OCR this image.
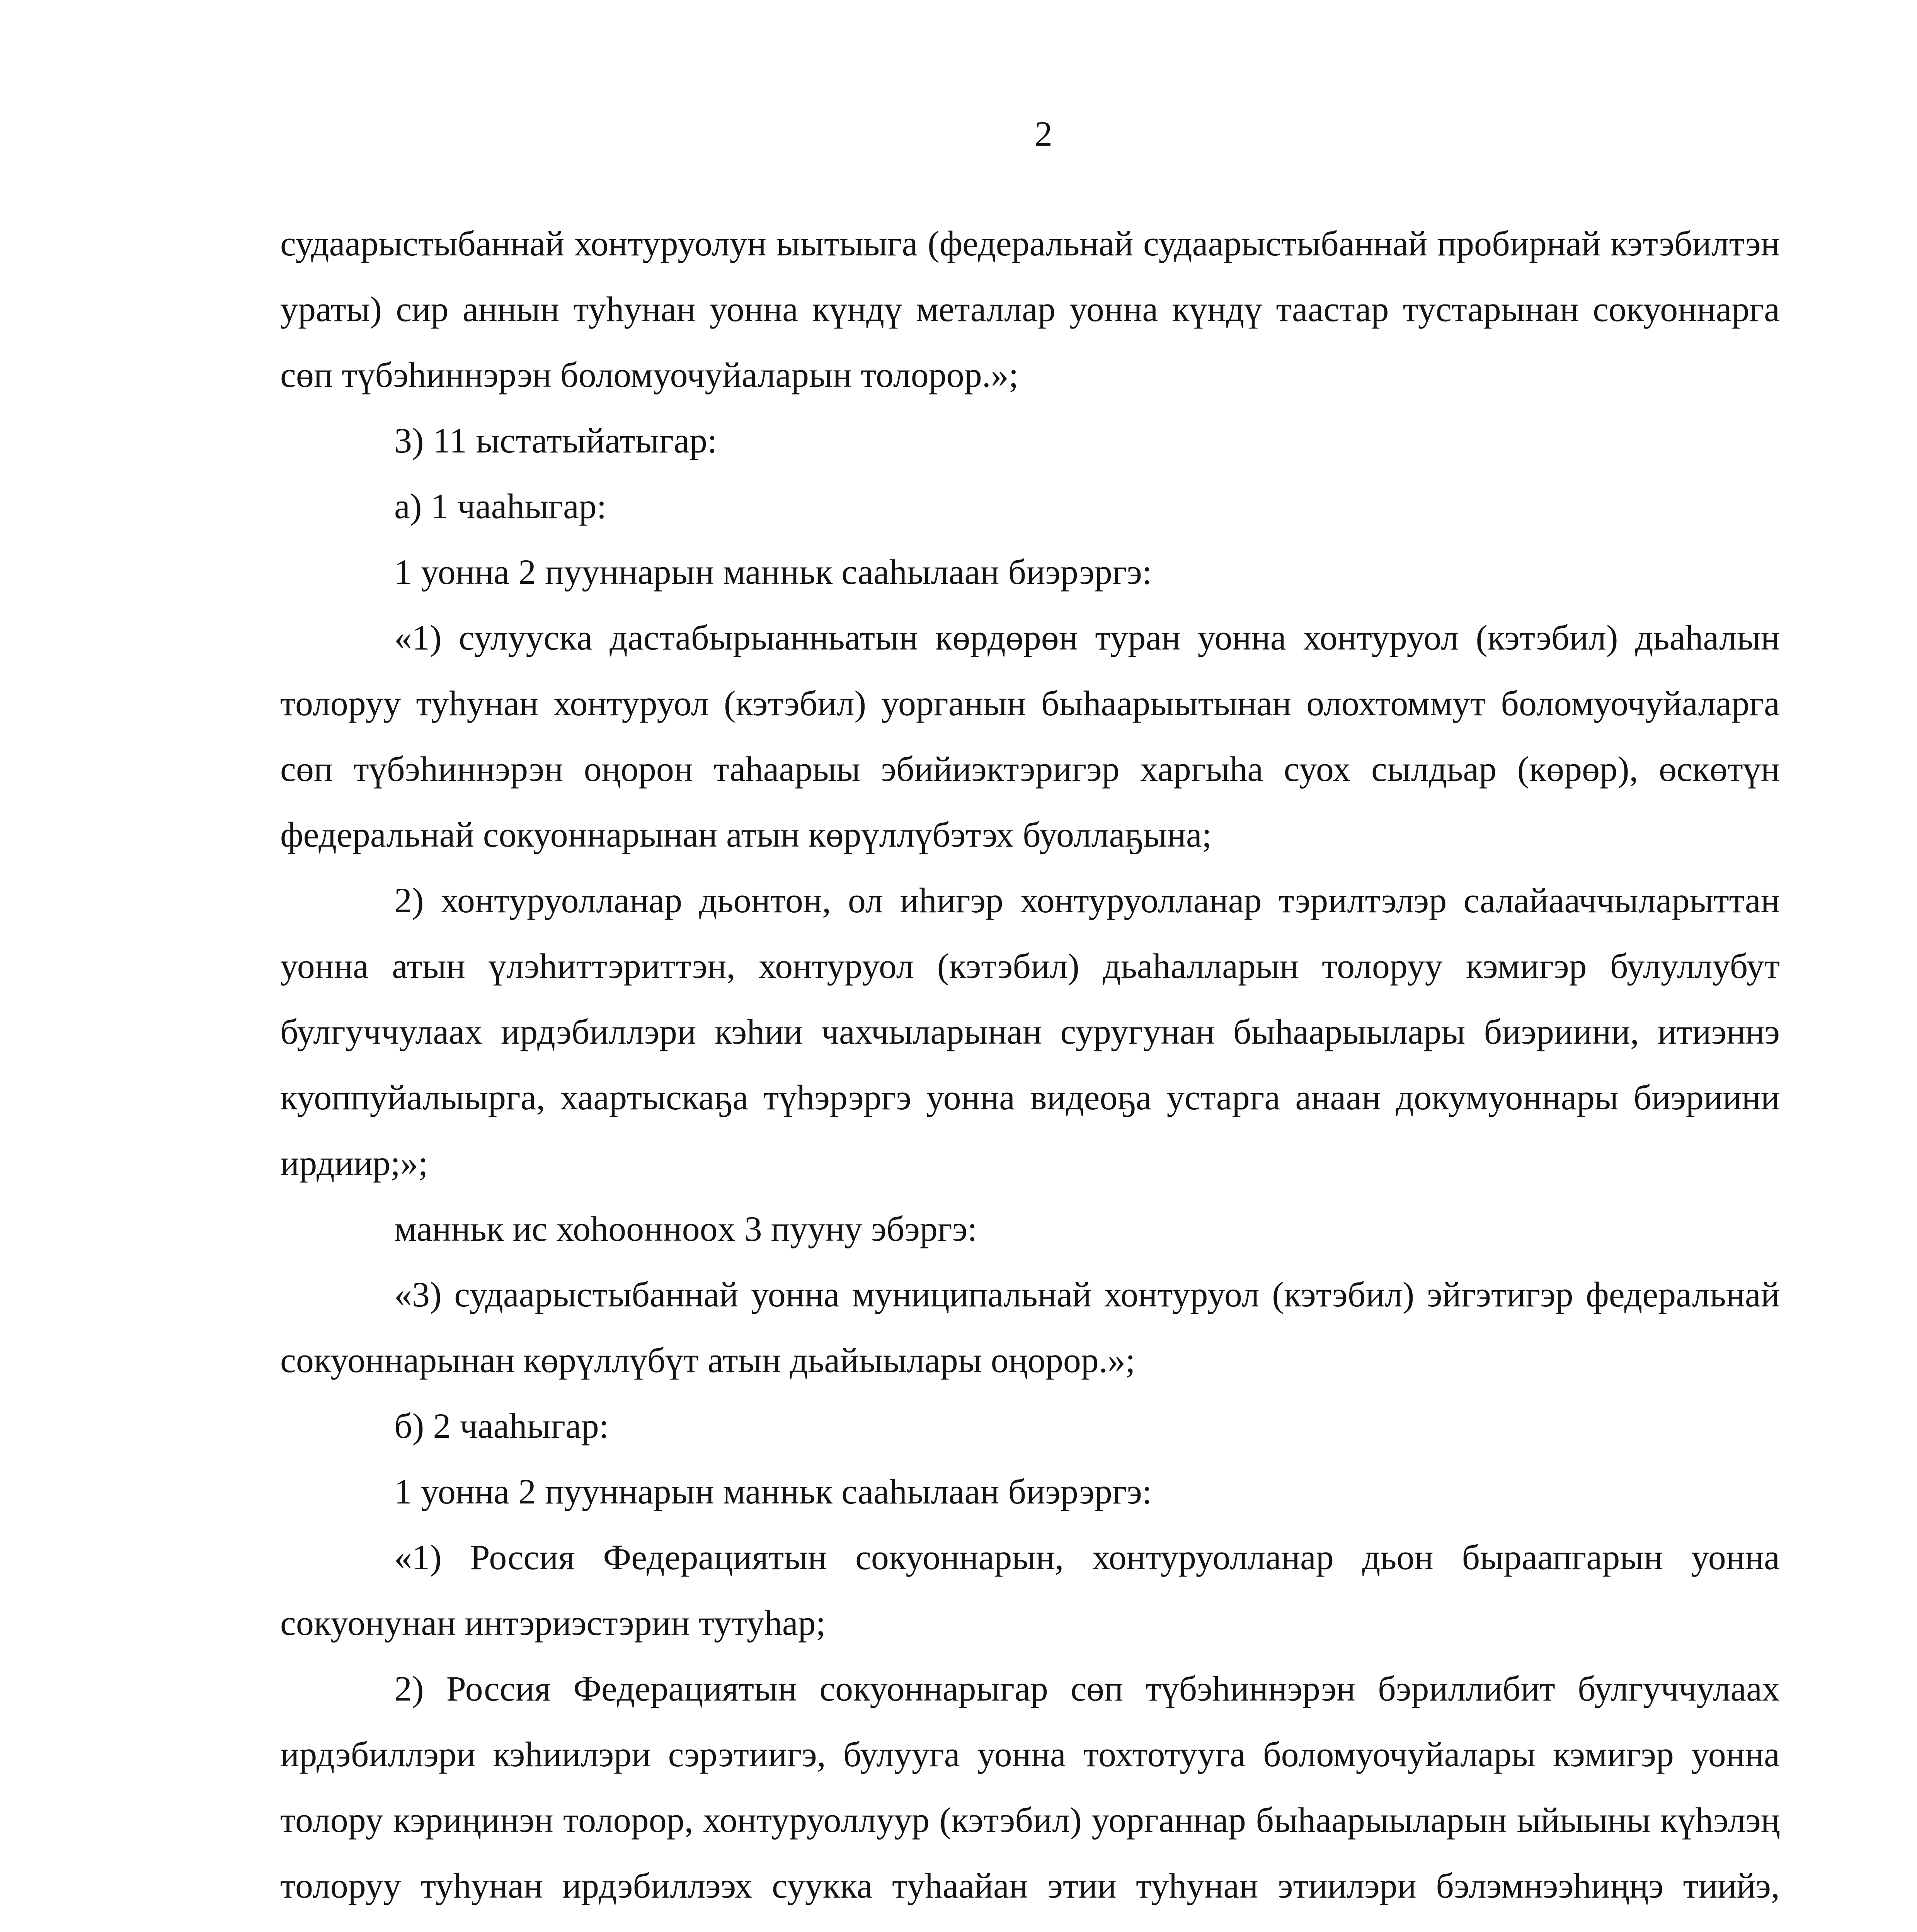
2

судаарыстыбаннай хонтуруолун ыытыыга (федеральнай судаарыстыбаннай пробирнай кэтэбилтэн ураты) сир аннын туһунан уонна күндү металлар уонна күндү таастар тустарынан сокуоннарга сөп түбэһиннэрэн боломуочуйаларын толорор.»;

3) 11 ыстатыйатыгар:

а) 1 чааһыгар:

1 уонна 2 пууннарын манньк сааһылаан биэрэргэ:

«1) сулуускa дастабырыанньатын көрдөрөн туран уонна хонтуруол (кэтэбил) дьаһалын толоруу туһунан хонтуруол (кэтэбил) уорганын быһаарыытынан олохтоммут боломуочуйаларга сөп түбэһиннэрэн оңорон таһаарыы эбийиэктэригэр харгыһа суох сылдьар (көрөр), өскөтүн федеральнай сокуоннарынан атын көрүллүбэтэх буоллаҕына;

2) хонтуруолланар дьонтон, ол иһигэр хонтуруолланар тэрилтэлэр салайааччыларыттан уонна атын үлэһиттэриттэн, хонтуруол (кэтэбил) дьаһалларын толоруу кэмигэр булуллубут булгуччулаах ирдэбиллэри кэһии чахчыларынан суругунан быһаарыылары биэриини, итиэннэ куоппуйалыырга, хаартыскаҕа түһэрэргэ уонна видеоҕа устарга анаан докумуоннары биэриини ирдиир;»;

манньк ис хоһооннооx 3 пууну эбэргэ:

«3) судаарыстыбаннай уонна муниципальнай хонтуруол (кэтэбил) эйгэтигэр федеральнай сокуоннарынан көрүллүбүт атын дьайыылары оңорор.»;

б) 2 чааһыгар:

1 уонна 2 пууннарын манньк сааһылаан биэрэргэ:

«1) Россия Федерациятын сокуоннарын, хонтуруолланар дьон быраапгарын уонна сокуонунан интэриэстэрин тутуһар;

2) Россия Федерациятын сокуоннарыгар сөп түбэһиннэрэн бэриллибит булгуччулаах ирдэбиллэри кэһиилэри сэрэтиигэ, булууга уонна тохтотууга боломуочуйалары кэмигэр уонна толору кэриңинэн толорор, хонтуруоллуур (кэтэбил) уорганнар быһаарыыларын ыйыыны күһэлэң толоруу туһунан ирдэбиллээх суукка туһаайан этии туһунан этиилэри бэлэмнээһиңңэ тиийэ,
